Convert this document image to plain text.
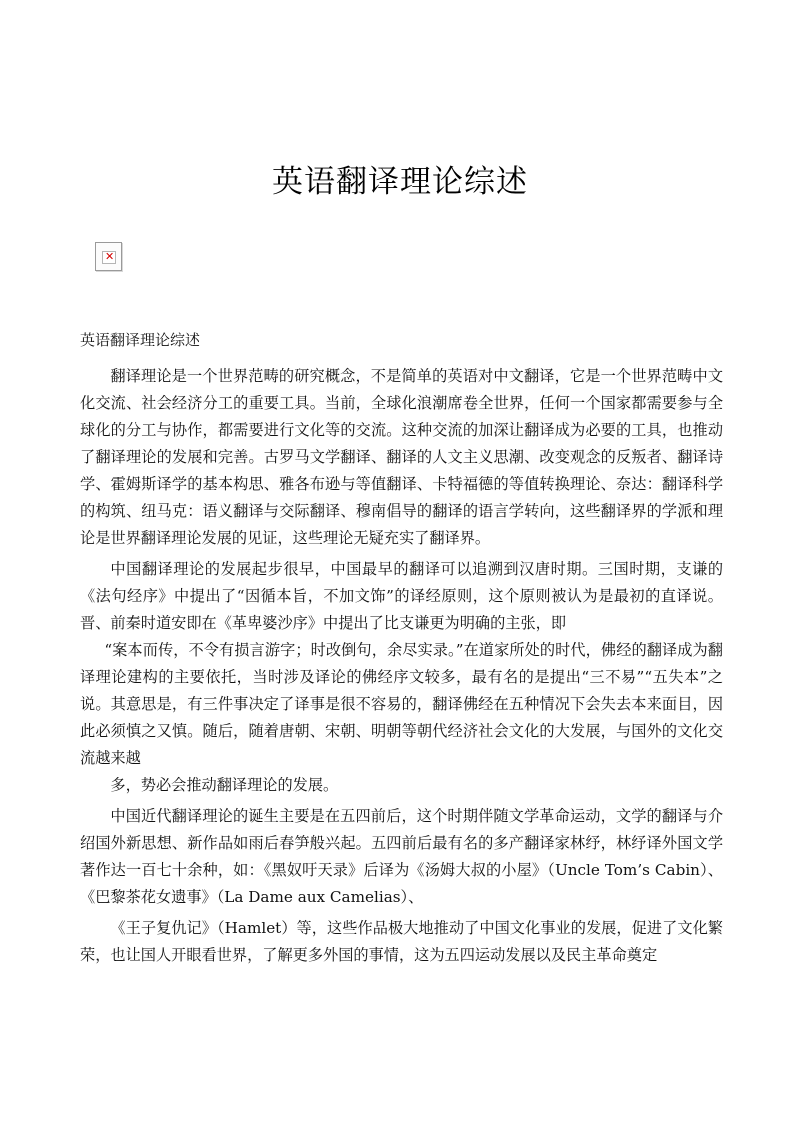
英语翻译理论综述
✕
英语翻译理论综述

翻译理论是一个世界范畴的研究概念，不是简单的英语对中文翻译，它是一个世界范畴中文化交流、社会经济分工的重要工具。当前，全球化浪潮席卷全世界，任何一个国家都需要参与全球化的分工与协作，都需要进行文化等的交流。这种交流的加深让翻译成为必要的工具，也推动了翻译理论的发展和完善。古罗马文学翻译、翻译的人文主义思潮、改变观念的反叛者、翻译诗学、霍姆斯译学的基本构思、雅各布逊与等值翻译、卡特福德的等值转换理论、奈达：翻译科学的构筑、纽马克：语义翻译与交际翻译、穆南倡导的翻译的语言学转向，这些翻译界的学派和理论是世界翻译理论发展的见证，这些理论无疑充实了翻译界。

中国翻译理论的发展起步很早，中国最早的翻译可以追溯到汉唐时期。三国时期，支谦的《法句经序》中提出了“因循本旨，不加文饰”的译经原则，这个原则被认为是最初的直译说。晋、前秦时道安即在《革卑婆沙序》中提出了比支谦更为明确的主张，即

“案本而传，不令有损言游字；时改倒句，余尽实录。”在道家所处的时代，佛经的翻译成为翻译理论建构的主要依托，当时涉及译论的佛经序文较多，最有名的是提出“三不易”“五失本”之说。其意思是，有三件事决定了译事是很不容易的，翻译佛经在五种情况下会失去本来面目，因此必须慎之又慎。随后，随着唐朝、宋朝、明朝等朝代经济社会文化的大发展，与国外的文化交流越来越

多，势必会推动翻译理论的发展。

中国近代翻译理论的诞生主要是在五四前后，这个时期伴随文学革命运动，文学的翻译与介绍国外新思想、新作品如雨后春笋般兴起。五四前后最有名的多产翻译家林纾，林纾译外国文学著作达一百七十余种，如：《黑奴吁天录》后译为《汤姆大叔的小屋》（Uncle Tom’s Cabin）、《巴黎茶花女遗事》（La Dame aux Camelias）、

《王子复仇记》（Hamlet）等，这些作品极大地推动了中国文化事业的发展，促进了文化繁荣，也让国人开眼看世界，了解更多外国的事情，这为五四运动发展以及民主革命奠定
